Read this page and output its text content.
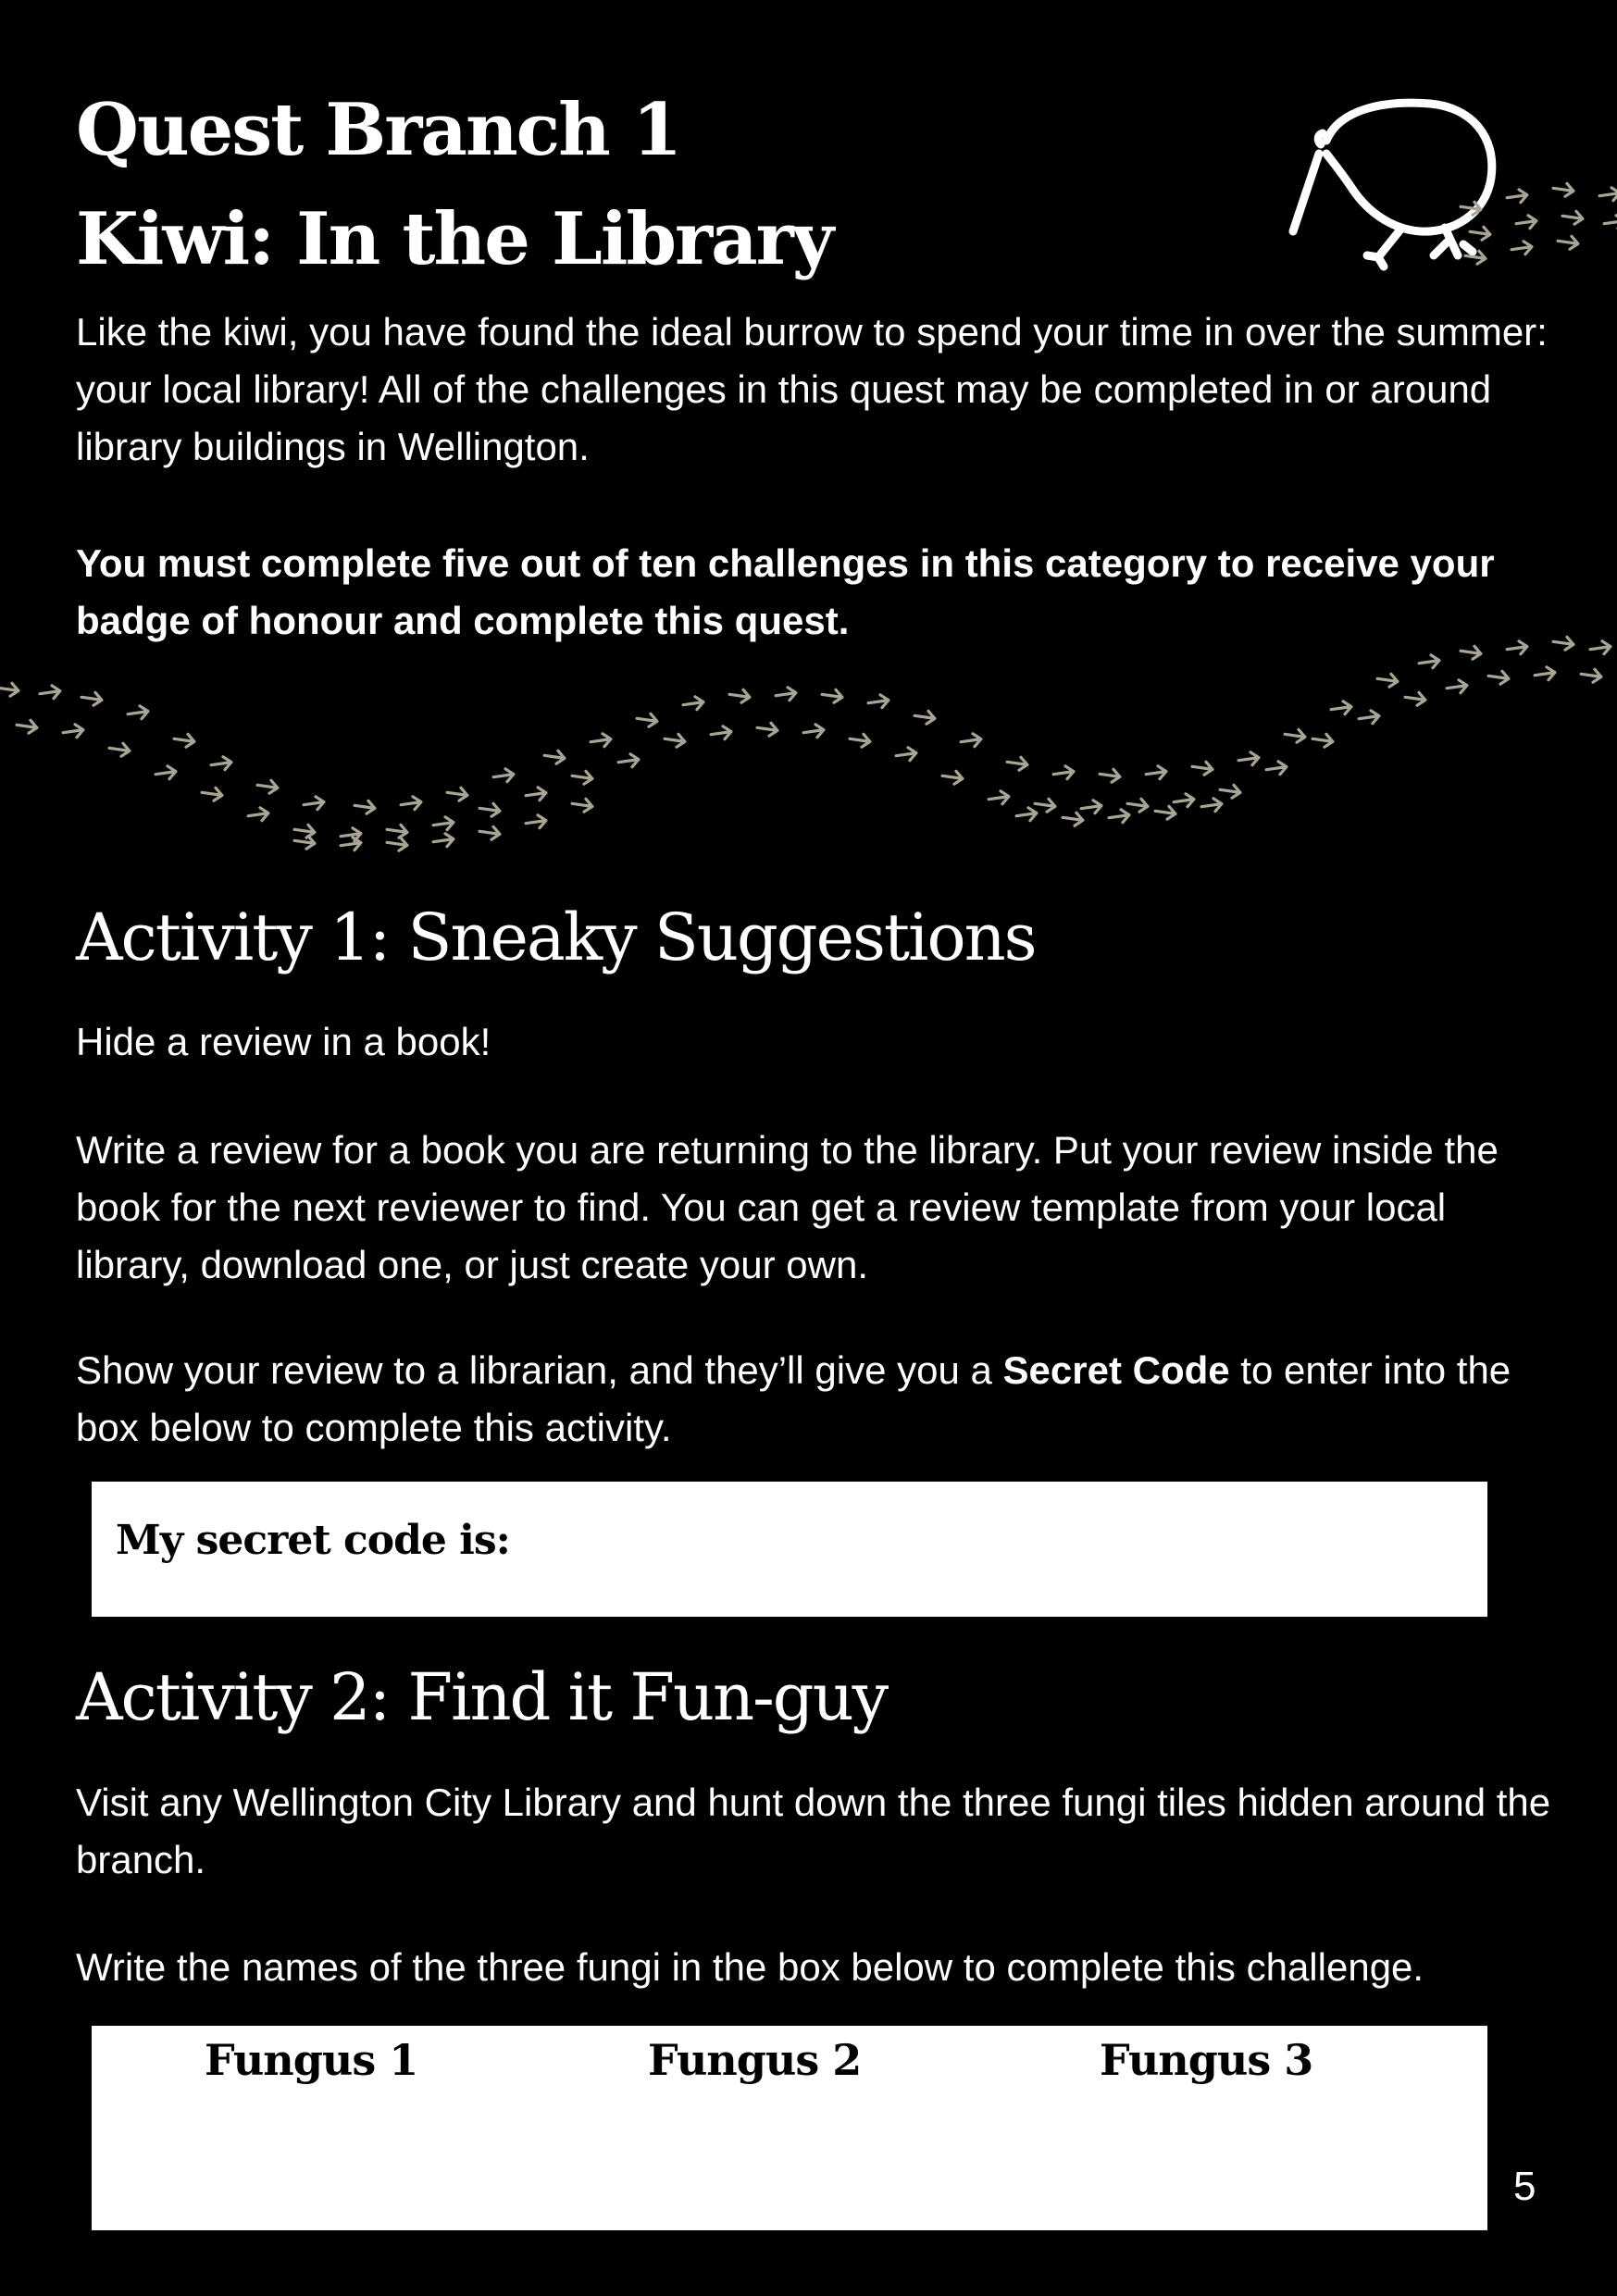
Quest Branch 1
Kiwi: In the Library

Like the kiwi, you have found the ideal burrow to spend your time in over the summer: your local library! All of the challenges in this quest may be completed in or around library buildings in Wellington.

You must complete five out of ten challenges in this category to receive your badge of honour and complete this quest.

Activity 1: Sneaky Suggestions

Hide a review in a book!

Write a review for a book you are returning to the library. Put your review inside the book for the next reviewer to find. You can get a review template from your local library, download one, or just create your own.

Show your review to a librarian, and they’ll give you a Secret Code to enter into the box below to complete this activity.

My secret code is:
Activity 2: Find it Fun-guy

Visit any Wellington City Library and hunt down the three fungi tiles hidden around the branch.

Write the names of the three fungi in the box below to complete this challenge.

Fungus 1	Fungus 2	Fungus 3
5
